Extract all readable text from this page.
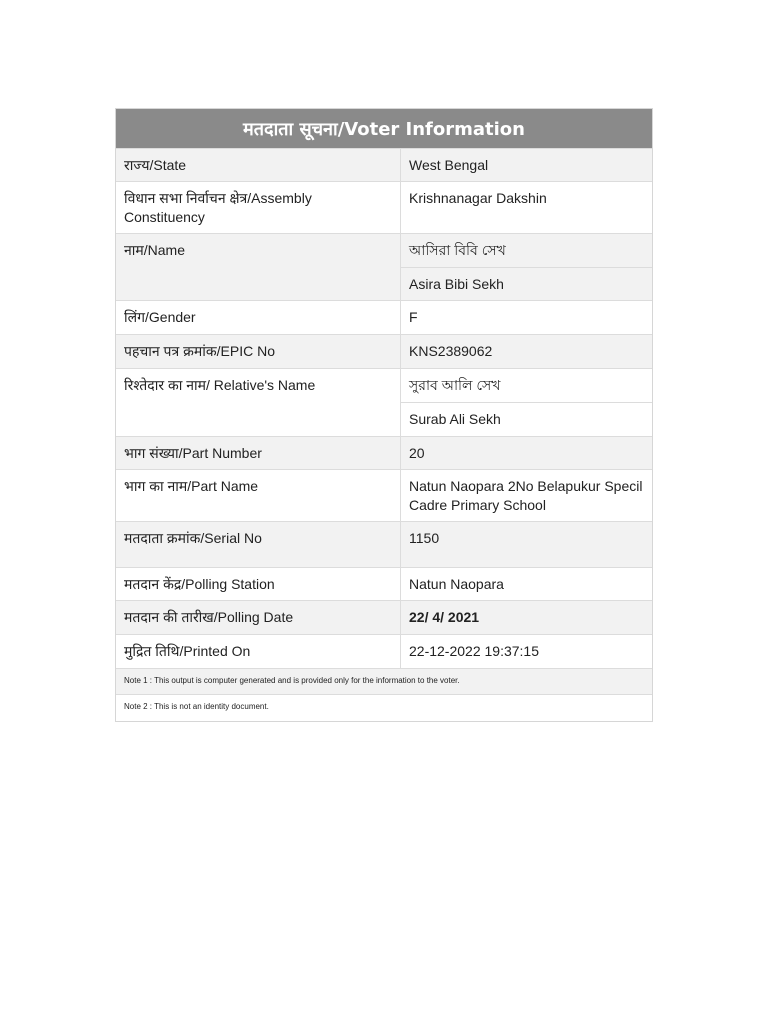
मतदाता सूचना/Voter Information
राज्य/State	West Bengal
विधान सभा निर्वाचन क्षेत्र/Assembly Constituency	Krishnanagar Dakshin
नाम/Name	আসিরা বিবি সেখ
	Asira Bibi Sekh
लिंग/Gender	F
पहचान पत्र क्रमांक/EPIC No	KNS2389062
रिश्तेदार का नाम/ Relative's Name	সুরাব আলি সেখ
	Surab Ali Sekh
भाग संख्या/Part Number	20
भाग का नाम/Part Name	Natun Naopara 2No Belapukur Specil Cadre Primary School
मतदाता क्रमांक/Serial No	1150
मतदान केंद्र/Polling Station	Natun Naopara
मतदान की तारीख/Polling Date	22/ 4/ 2021
मुद्रित तिथि/Printed On	22-12-2022 19:37:15
Note 1 : This output is computer generated and is provided only for the information to the voter.	
Note 2 : This is not an identity document.	
